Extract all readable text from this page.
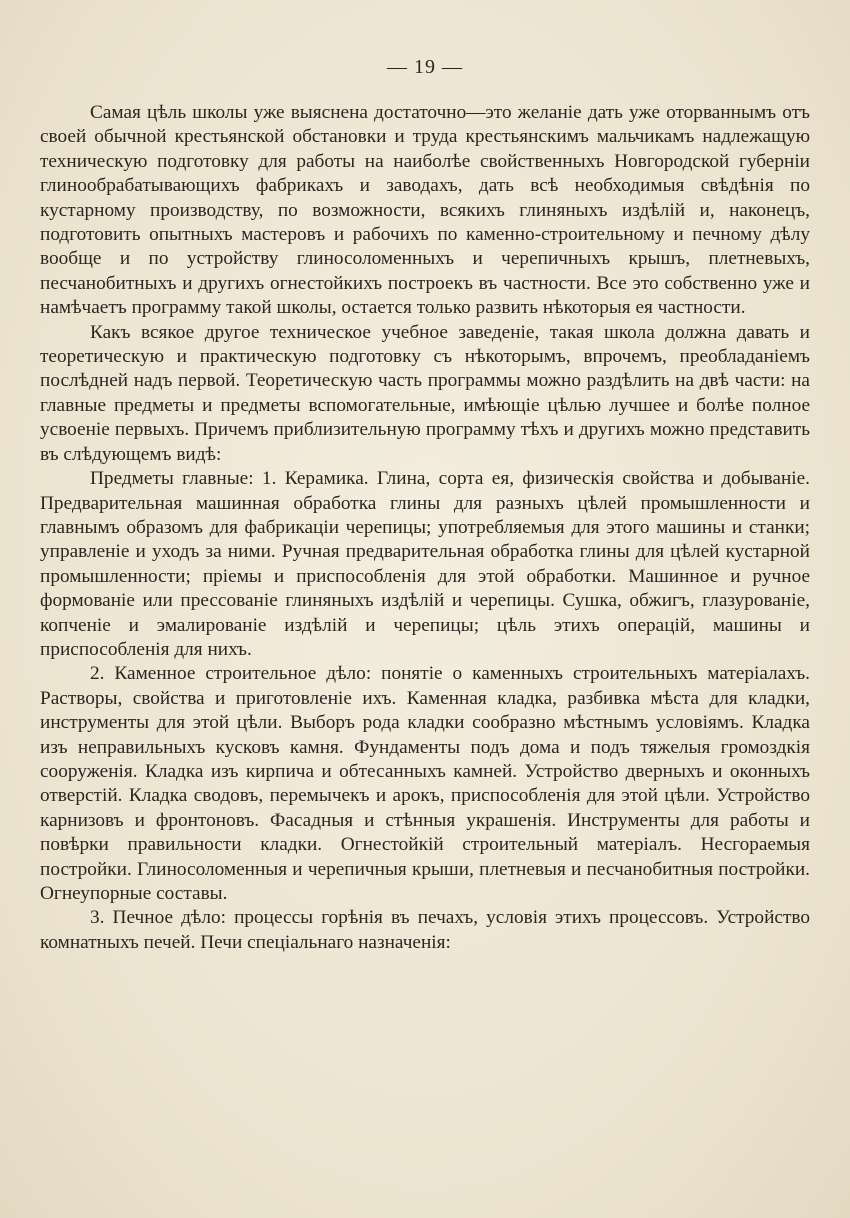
— 19 —

Самая цѣль школы уже выяснена достаточно—это желаніе дать уже оторваннымъ отъ своей обычной крестьянской обстановки и труда крестьянскимъ мальчикамъ надлежащую техническую подготовку для работы на наиболѣе свойственныхъ Новгородской губерніи глинообрабатывающихъ фабрикахъ и заводахъ, дать всѣ необходимыя свѣдѣнія по кустарному производству, по возможности, всякихъ глиняныхъ издѣлій и, наконецъ, подготовить опытныхъ мастеровъ и рабочихъ по каменно-строительному и печному дѣлу вообще и по устройству глиносоломенныхъ и черепичныхъ крышъ, плетневыхъ, песчанобитныхъ и другихъ огнестойкихъ построекъ въ частности. Все это собственно уже и намѣчаетъ программу такой школы, остается только развить нѣкоторыя ея частности.

Какъ всякое другое техническое учебное заведеніе, такая школа должна давать и теоретическую и практическую подготовку съ нѣкоторымъ, впрочемъ, преобладаніемъ послѣдней надъ первой. Теоретическую часть программы можно раздѣлить на двѣ части: на главные предметы и предметы вспомогательные, имѣющіе цѣлью лучшее и болѣе полное усвоеніе первыхъ. Причемъ приблизительную программу тѣхъ и другихъ можно представить въ слѣдующемъ видѣ:

Предметы главные: 1. Керамика. Глина, сорта ея, физическія свойства и добываніе. Предварительная машинная обработка глины для разныхъ цѣлей промышленности и главнымъ образомъ для фабрикаціи черепицы; употребляемыя для этого машины и станки; управленіе и уходъ за ними. Ручная предварительная обработка глины для цѣлей кустарной промышленности; пріемы и приспособленія для этой обработки. Машинное и ручное формованіе или прессованіе глиняныхъ издѣлій и черепицы. Сушка, обжигъ, глазурованіе, копченіе и эмалированіе издѣлій и черепицы; цѣль этихъ операцій, машины и приспособленія для нихъ.

2. Каменное строительное дѣло: понятіе о каменныхъ строительныхъ матеріалахъ. Растворы, свойства и приготовленіе ихъ. Каменная кладка, разбивка мѣста для кладки, инструменты для этой цѣли. Выборъ рода кладки сообразно мѣстнымъ условіямъ. Кладка изъ неправильныхъ кусковъ камня. Фундаменты подъ дома и подъ тяжелыя громоздкія сооруженія. Кладка изъ кирпича и обтесанныхъ камней. Устройство дверныхъ и оконныхъ отверстій. Кладка сводовъ, перемычекъ и арокъ, приспособленія для этой цѣли. Устройство карнизовъ и фронтоновъ. Фасадныя и стѣнныя украшенія. Инструменты для работы и повѣрки правильности кладки. Огнестойкій строительный матеріалъ. Несгораемыя постройки. Глиносоломенныя и черепичныя крыши, плетневыя и песчанобитныя постройки. Огнеупорные составы.

3. Печное дѣло: процессы горѣнія въ печахъ, условія этихъ процессовъ. Устройство комнатныхъ печей. Печи спеціальнаго назначенія:
